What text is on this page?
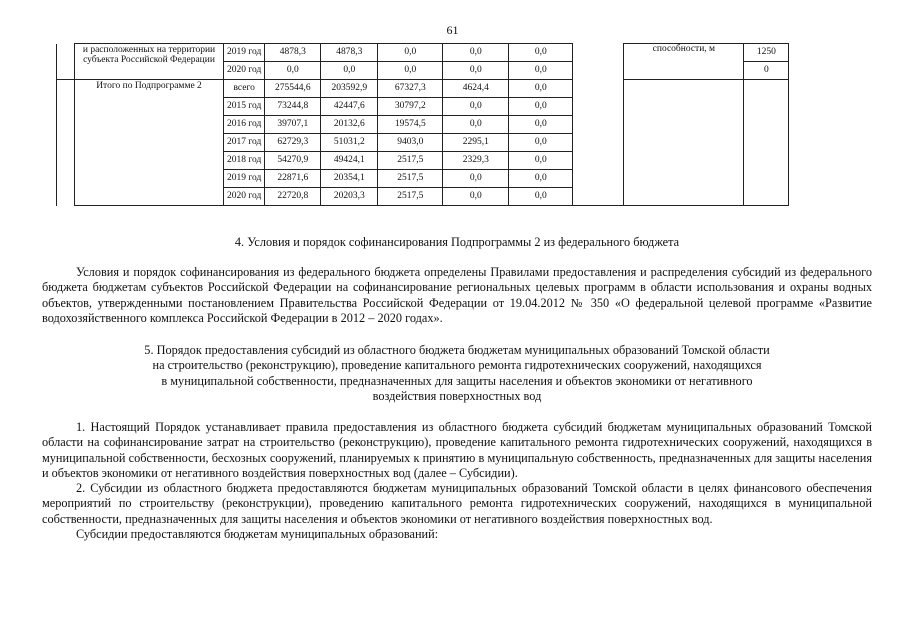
61
	и расположенных на территории субъекта Российской Федерации	2019 год	4878,3	4878,3	0,0	0,0	0,0		способности, м	1250
		2020 год	0,0	0,0	0,0	0,0	0,0			0
	Итого по Подпрограмме 2	всего	275544,6	203592,9	67327,3	4624,4	0,0			
		2015 год	73244,8	42447,6	30797,2	0,0	0,0			
		2016 год	39707,1	20132,6	19574,5	0,0	0,0			
		2017 год	62729,3	51031,2	9403,0	2295,1	0,0			
		2018 год	54270,9	49424,1	2517,5	2329,3	0,0			
		2019 год	22871,6	20354,1	2517,5	0,0	0,0			
		2020 год	22720,8	20203,3	2517,5	0,0	0,0			
4. Условия и порядок софинансирования Подпрограммы 2 из федерального бюджета

Условия и порядок софинансирования из федерального бюджета определены Правилами предоставления и распределения субсидий из федерального бюджета бюджетам субъектов Российской Федерации на софинансирование региональных целевых программ в области использования и охраны водных объектов, утвержденными постановлением Правительства Российской Федерации от 19.04.2012 № 350 «О федеральной целевой программе «Развитие водохозяйственного комплекса Российской Федерации в 2012 – 2020 годах».

5. Порядок предоставления субсидий из областного бюджета бюджетам муниципальных образований Томской области
на строительство (реконструкцию), проведение капитального ремонта гидротехнических сооружений, находящихся
в муниципальной собственности, предназначенных для защиты населения и объектов экономики от негативного
воздействия поверхностных вод

1. Настоящий Порядок устанавливает правила предоставления из областного бюджета субсидий бюджетам муниципальных образований Томской области на софинансирование затрат на строительство (реконструкцию), проведение капитального ремонта гидротехнических сооружений, находящихся в муниципальной собственности, бесхозных сооружений, планируемых к принятию в муниципальную собственность, предназначенных для защиты населения и объектов экономики от негативного воздействия поверхностных вод (далее – Субсидии).

2. Субсидии из областного бюджета предоставляются бюджетам муниципальных образований Томской области в целях финансового обеспечения мероприятий по строительству (реконструкции), проведению капитального ремонта гидротехнических сооружений, находящихся в муниципальной собственности, предназначенных для защиты населения и объектов экономики от негативного воздействия поверхностных вод.

Субсидии предоставляются бюджетам муниципальных образований:
